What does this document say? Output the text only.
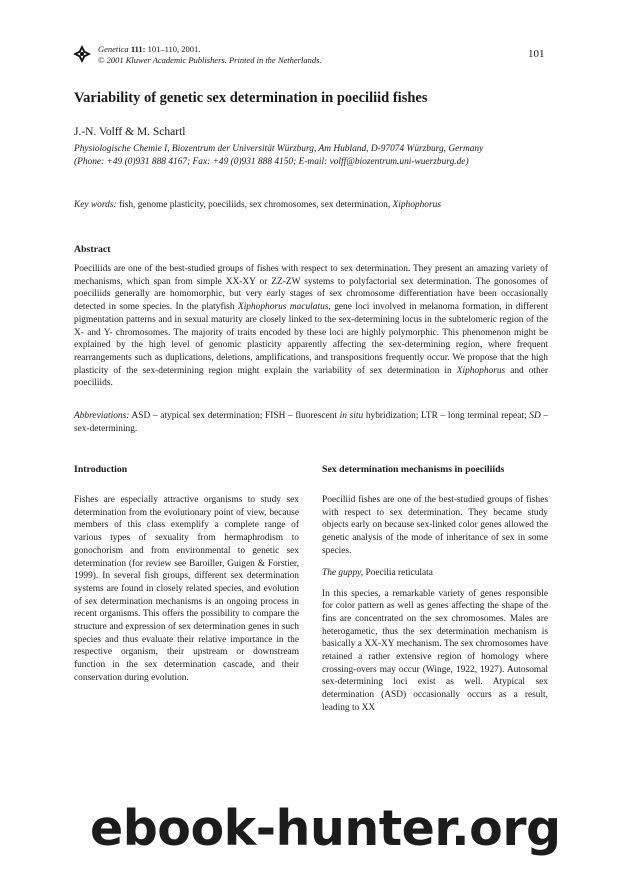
Genetica 111: 101–110, 2001.
© 2001 Kluwer Academic Publishers. Printed in the Netherlands.	101
Variability of genetic sex determination in poeciliid fishes
J.-N. Volff & M. Schartl
Physiologische Chemie I, Biozentrum der Universität Würzburg, Am Hubland, D-97074 Würzburg, Germany
(Phone: +49 (0)931 888 4167; Fax: +49 (0)931 888 4150; E-mail: volff@biozentrum.uni-wuerzburg.de)
Key words: fish, genome plasticity, poeciliids, sex chromosomes, sex determination, Xiphophorus
Abstract
Poeciliids are one of the best-studied groups of fishes with respect to sex determination. They present an amazing variety of mechanisms, which span from simple XX-XY or ZZ-ZW systems to polyfactorial sex determination. The gonosomes of poeciliids generally are homomorphic, but very early stages of sex chromosome differentiation have been occasionally detected in some species. In the platyfish Xiphophorus maculatus, gene loci involved in melanoma formation, in different pigmentation patterns and in sexual maturity are closely linked to the sex-determining locus in the subtelomeric region of the X- and Y- chromosomes. The majority of traits encoded by these loci are highly polymorphic. This phenomenon might be explained by the high level of genomic plasticity apparently affecting the sex-determining region, where frequent rearrangements such as duplications, deletions, amplifications, and transpositions frequently occur. We propose that the high plasticity of the sex-determining region might explain the variability of sex determination in Xiphophorus and other poeciliids.
Abbreviations: ASD – atypical sex determination; FISH – fluorescent in situ hybridization; LTR – long terminal repeat; SD – sex-determining.
Introduction

Fishes are especially attractive organisms to study sex determination from the evolutionary point of view, because members of this class exemplify a complete range of various types of sexuality from hermaphrodism to gonochorism and from environmental to genetic sex determination (for review see Baroiller, Guigen & Forstier, 1999). In several fish groups, different sex determination systems are found in closely related species, and evolution of sex determination mechanisms is an ongoing process in recent organisms. This offers the possibility to compare the structure and expression of sex determination genes in such species and thus evaluate their relative importance in the respective organism, their upstream or downstream function in the sex determination cascade, and their conservation during evolution.

Sex determination mechanisms in poeciliids

Poeciliid fishes are one of the best-studied groups of fishes with respect to sex determination. They became study objects early on because sex-linked color genes allowed the genetic analysis of the mode of inheritance of sex in some species.

The guppy, Poecilia reticulata

In this species, a remarkable variety of genes responsible for color pattern as well as genes affecting the shape of the fins are concentrated on the sex chromosomes. Males are heterogametic, thus the sex determination mechanism is basically a XX-XY mechanism. The sex chromosomes have retained a rather extensive region of homology where crossing-overs may occur (Winge, 1922, 1927). Autosomal sex-determining loci exist as well. Atypical sex determination (ASD) occasionally occurs as a result, leading to XX

ebook-hunter.org
